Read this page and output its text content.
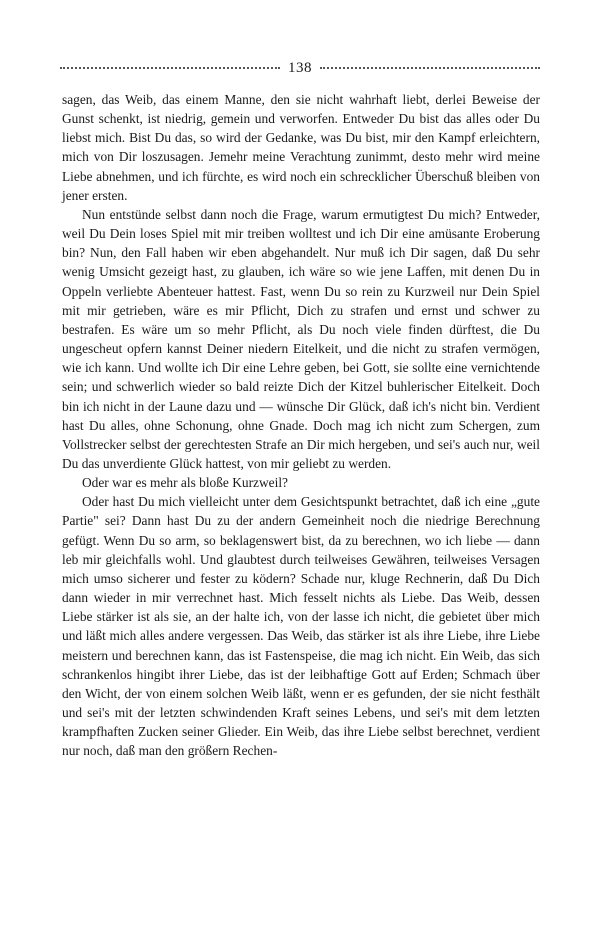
138

sagen, das Weib, das einem Manne, den sie nicht wahrhaft liebt, derlei Beweise der Gunst schenkt, ist niedrig, gemein und verworfen. Entweder Du bist das alles oder Du liebst mich. Bist Du das, so wird der Gedanke, was Du bist, mir den Kampf erleichtern, mich von Dir loszusagen. Jemehr meine Verachtung zunimmt, desto mehr wird meine Liebe abnehmen, und ich fürchte, es wird noch ein schrecklicher Überschuß bleiben von jener ersten.

Nun entstünde selbst dann noch die Frage, warum ermutigtest Du mich? Entweder, weil Du Dein loses Spiel mit mir treiben wolltest und ich Dir eine amüsante Eroberung bin? Nun, den Fall haben wir eben abgehandelt. Nur muß ich Dir sagen, daß Du sehr wenig Umsicht gezeigt hast, zu glauben, ich wäre so wie jene Laffen, mit denen Du in Oppeln verliebte Abenteuer hattest. Fast, wenn Du so rein zu Kurzweil nur Dein Spiel mit mir getrieben, wäre es mir Pflicht, Dich zu strafen und ernst und schwer zu bestrafen. Es wäre um so mehr Pflicht, als Du noch viele finden dürftest, die Du ungescheut opfern kannst Deiner niedern Eitelkeit, und die nicht zu strafen vermögen, wie ich kann. Und wollte ich Dir eine Lehre geben, bei Gott, sie sollte eine vernichtende sein; und schwerlich wieder so bald reizte Dich der Kitzel buhlerischer Eitelkeit. Doch bin ich nicht in der Laune dazu und — wünsche Dir Glück, daß ich's nicht bin. Verdient hast Du alles, ohne Schonung, ohne Gnade. Doch mag ich nicht zum Schergen, zum Vollstrecker selbst der gerechtesten Strafe an Dir mich hergeben, und sei's auch nur, weil Du das unverdiente Glück hattest, von mir geliebt zu werden.

Oder war es mehr als bloße Kurzweil?

Oder hast Du mich vielleicht unter dem Gesichtspunkt betrachtet, daß ich eine „gute Partie" sei? Dann hast Du zu der andern Gemeinheit noch die niedrige Berechnung gefügt. Wenn Du so arm, so beklagenswert bist, da zu berechnen, wo ich liebe — dann leb mir gleichfalls wohl. Und glaubtest durch teilweises Gewähren, teilweises Versagen mich umso sicherer und fester zu ködern? Schade nur, kluge Rechnerin, daß Du Dich dann wieder in mir verrechnet hast. Mich fesselt nichts als Liebe. Das Weib, dessen Liebe stärker ist als sie, an der halte ich, von der lasse ich nicht, die gebietet über mich und läßt mich alles andere vergessen. Das Weib, das stärker ist als ihre Liebe, ihre Liebe meistern und berechnen kann, das ist Fastenspeise, die mag ich nicht. Ein Weib, das sich schrankenlos hingibt ihrer Liebe, das ist der leibhaftige Gott auf Erden; Schmach über den Wicht, der von einem solchen Weib läßt, wenn er es gefunden, der sie nicht festhält und sei's mit der letzten schwindenden Kraft seines Lebens, und sei's mit dem letzten krampfhaften Zucken seiner Glieder. Ein Weib, das ihre Liebe selbst berechnet, verdient nur noch, daß man den größern Rechen-
